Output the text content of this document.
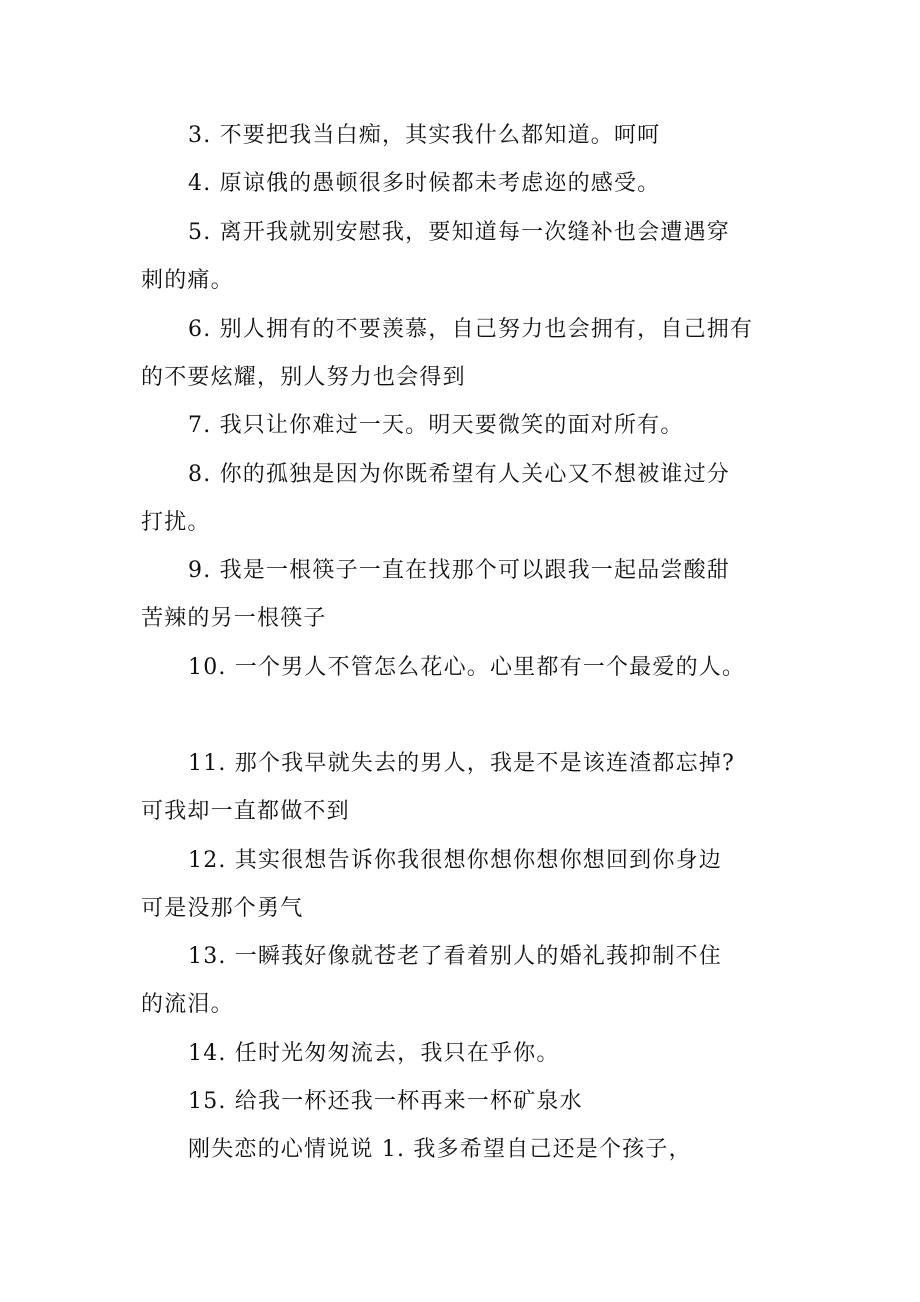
3. 不要把我当白痴，其实我什么都知道。呵呵
4. 原谅俄的愚顿很多时候都未考虑迩的感受。
5. 离开我就别安慰我，要知道每一次缝补也会遭遇穿
刺的痛。
6. 别人拥有的不要羡慕，自己努力也会拥有，自己拥有
的不要炫耀，别人努力也会得到
7. 我只让你难过一天。明天要微笑的面对所有。
8. 你的孤独是因为你既希望有人关心又不想被谁过分
打扰。
9. 我是一根筷子一直在找那个可以跟我一起品尝酸甜
苦辣的另一根筷子
10. 一个男人不管怎么花心。心里都有一个最爱的人。
11. 那个我早就失去的男人，我是不是该连渣都忘掉?
可我却一直都做不到
12. 其实很想告诉你我很想你想你想你想回到你身边
可是没那个勇气
13. 一瞬莪好像就苍老了看着别人的婚礼莪抑制不住
的流泪。
14. 任时光匆匆流去，我只在乎你。
15. 给我一杯还我一杯再来一杯矿泉水
刚失恋的心情说说 1. 我多希望自己还是个孩子，
